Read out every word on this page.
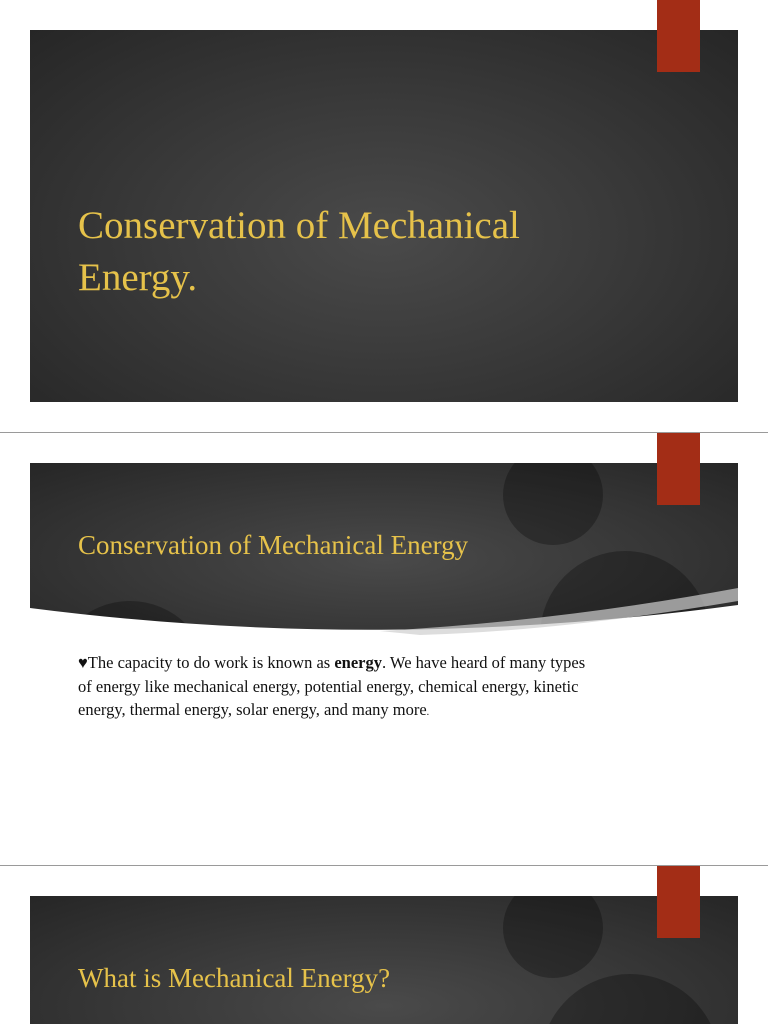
Conservation of Mechanical Energy.
Conservation of Mechanical Energy

♥The capacity to do work is known as energy. We have heard of many types of energy like mechanical energy, potential energy, chemical energy, kinetic energy, thermal energy, solar energy, and many more.

What is Mechanical Energy?
